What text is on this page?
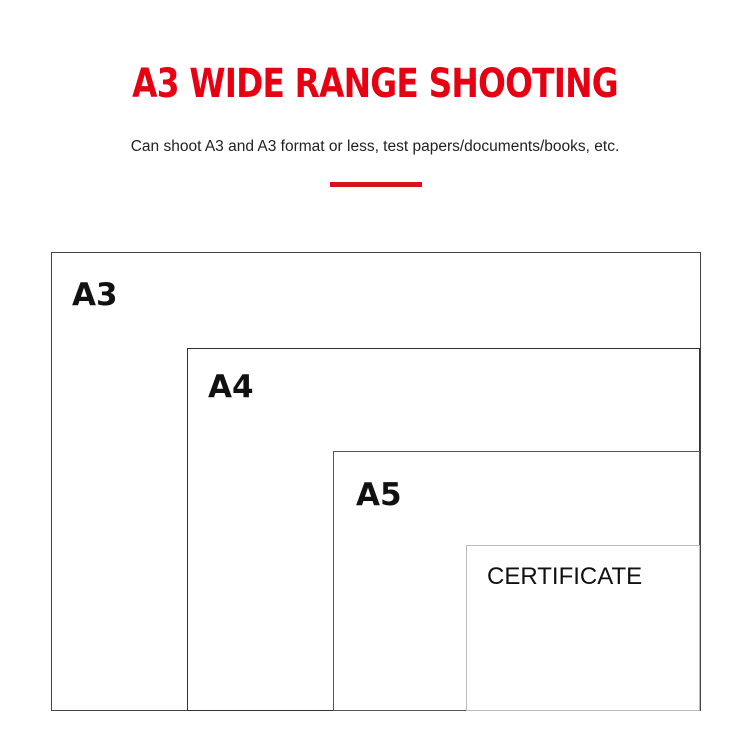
A3 WIDE RANGE SHOOTING
Can shoot A3 and A3 format or less, test papers/documents/books, etc.
A3
A4
A5
CERTIFICATE
